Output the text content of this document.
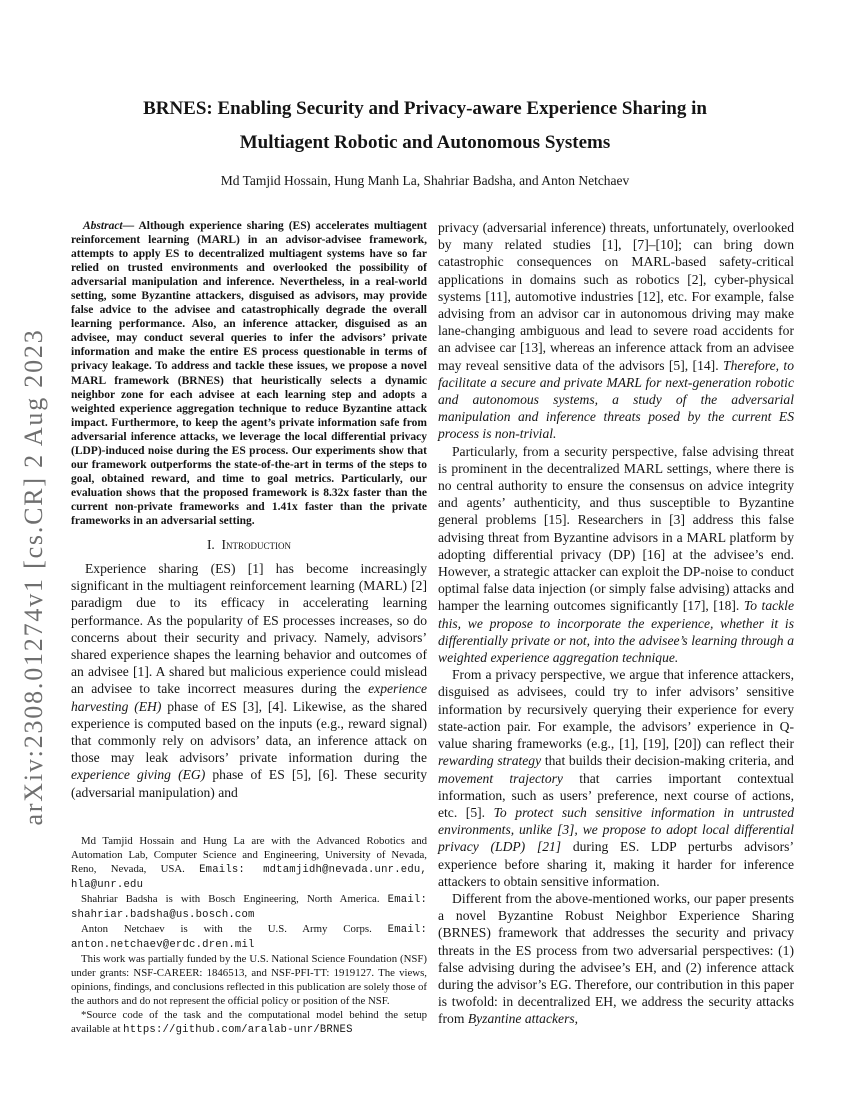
arXiv:2308.01274v1 [cs.CR] 2 Aug 2023
BRNES: Enabling Security and Privacy-aware Experience Sharing in
Multiagent Robotic and Autonomous Systems
Md Tamjid Hossain, Hung Manh La, Shahriar Badsha, and Anton Netchaev

Abstract— Although experience sharing (ES) accelerates multiagent reinforcement learning (MARL) in an advisor-advisee framework, attempts to apply ES to decentralized multiagent systems have so far relied on trusted environments and overlooked the possibility of adversarial manipulation and inference. Nevertheless, in a real-world setting, some Byzantine attackers, disguised as advisors, may provide false advice to the advisee and catastrophically degrade the overall learning performance. Also, an inference attacker, disguised as an advisee, may conduct several queries to infer the advisors’ private information and make the entire ES process questionable in terms of privacy leakage. To address and tackle these issues, we propose a novel MARL framework (BRNES) that heuristically selects a dynamic neighbor zone for each advisee at each learning step and adopts a weighted experience aggregation technique to reduce Byzantine attack impact. Furthermore, to keep the agent’s private information safe from adversarial inference attacks, we leverage the local differential privacy (LDP)-induced noise during the ES process. Our experiments show that our framework outperforms the state-of-the-art in terms of the steps to goal, obtained reward, and time to goal metrics. Particularly, our evaluation shows that the proposed framework is 8.32x faster than the current non-private frameworks and 1.41x faster than the private frameworks in an adversarial setting.

I.  Introduction

Experience sharing (ES) [1] has become increasingly significant in the multiagent reinforcement learning (MARL) [2] paradigm due to its efficacy in accelerating learning performance. As the popularity of ES processes increases, so do concerns about their security and privacy. Namely, advisors’ shared experience shapes the learning behavior and outcomes of an advisee [1]. A shared but malicious experience could mislead an advisee to take incorrect measures during the experience harvesting (EH) phase of ES [3], [4]. Likewise, as the shared experience is computed based on the inputs (e.g., reward signal) that commonly rely on advisors’ data, an inference attack on those may leak advisors’ private information during the experience giving (EG) phase of ES [5], [6]. These security (adversarial manipulation) and

Md Tamjid Hossain and Hung La are with the Advanced Robotics and Automation Lab, Computer Science and Engineering, University of Nevada, Reno, Nevada, USA. Emails: mdtamjidh@nevada.unr.edu, hla@unr.edu

Shahriar Badsha is with Bosch Engineering, North America. Email: shahriar.badsha@us.bosch.com

Anton Netchaev is with the U.S. Army Corps. Email: anton.netchaev@erdc.dren.mil

This work was partially funded by the U.S. National Science Foundation (NSF) under grants: NSF-CAREER: 1846513, and NSF-PFI-TT: 1919127. The views, opinions, findings, and conclusions reflected in this publication are solely those of the authors and do not represent the official policy or position of the NSF.

*Source code of the task and the computational model behind the setup available at https://github.com/aralab-unr/BRNES

privacy (adversarial inference) threats, unfortunately, overlooked by many related studies [1], [7]–[10]; can bring down catastrophic consequences on MARL-based safety-critical applications in domains such as robotics [2], cyber-physical systems [11], automotive industries [12], etc. For example, false advising from an advisor car in autonomous driving may make lane-changing ambiguous and lead to severe road accidents for an advisee car [13], whereas an inference attack from an advisee may reveal sensitive data of the advisors [5], [14]. Therefore, to facilitate a secure and private MARL for next-generation robotic and autonomous systems, a study of the adversarial manipulation and inference threats posed by the current ES process is non-trivial.

Particularly, from a security perspective, false advising threat is prominent in the decentralized MARL settings, where there is no central authority to ensure the consensus on advice integrity and agents’ authenticity, and thus susceptible to Byzantine general problems [15]. Researchers in [3] address this false advising threat from Byzantine advisors in a MARL platform by adopting differential privacy (DP) [16] at the advisee’s end. However, a strategic attacker can exploit the DP-noise to conduct optimal false data injection (or simply false advising) attacks and hamper the learning outcomes significantly [17], [18]. To tackle this, we propose to incorporate the experience, whether it is differentially private or not, into the advisee’s learning through a weighted experience aggregation technique.

From a privacy perspective, we argue that inference attackers, disguised as advisees, could try to infer advisors’ sensitive information by recursively querying their experience for every state-action pair. For example, the advisors’ experience in Q-value sharing frameworks (e.g., [1], [19], [20]) can reflect their rewarding strategy that builds their decision-making criteria, and movement trajectory that carries important contextual information, such as users’ preference, next course of actions, etc. [5]. To protect such sensitive information in untrusted environments, unlike [3], we propose to adopt local differential privacy (LDP) [21] during ES. LDP perturbs advisors’ experience before sharing it, making it harder for inference attackers to obtain sensitive information.

Different from the above-mentioned works, our paper presents a novel Byzantine Robust Neighbor Experience Sharing (BRNES) framework that addresses the security and privacy threats in the ES process from two adversarial perspectives: (1) false advising during the advisee’s EH, and (2) inference attack during the advisor’s EG. Therefore, our contribution in this paper is twofold: in decentralized EH, we address the security attacks from Byzantine attackers,
